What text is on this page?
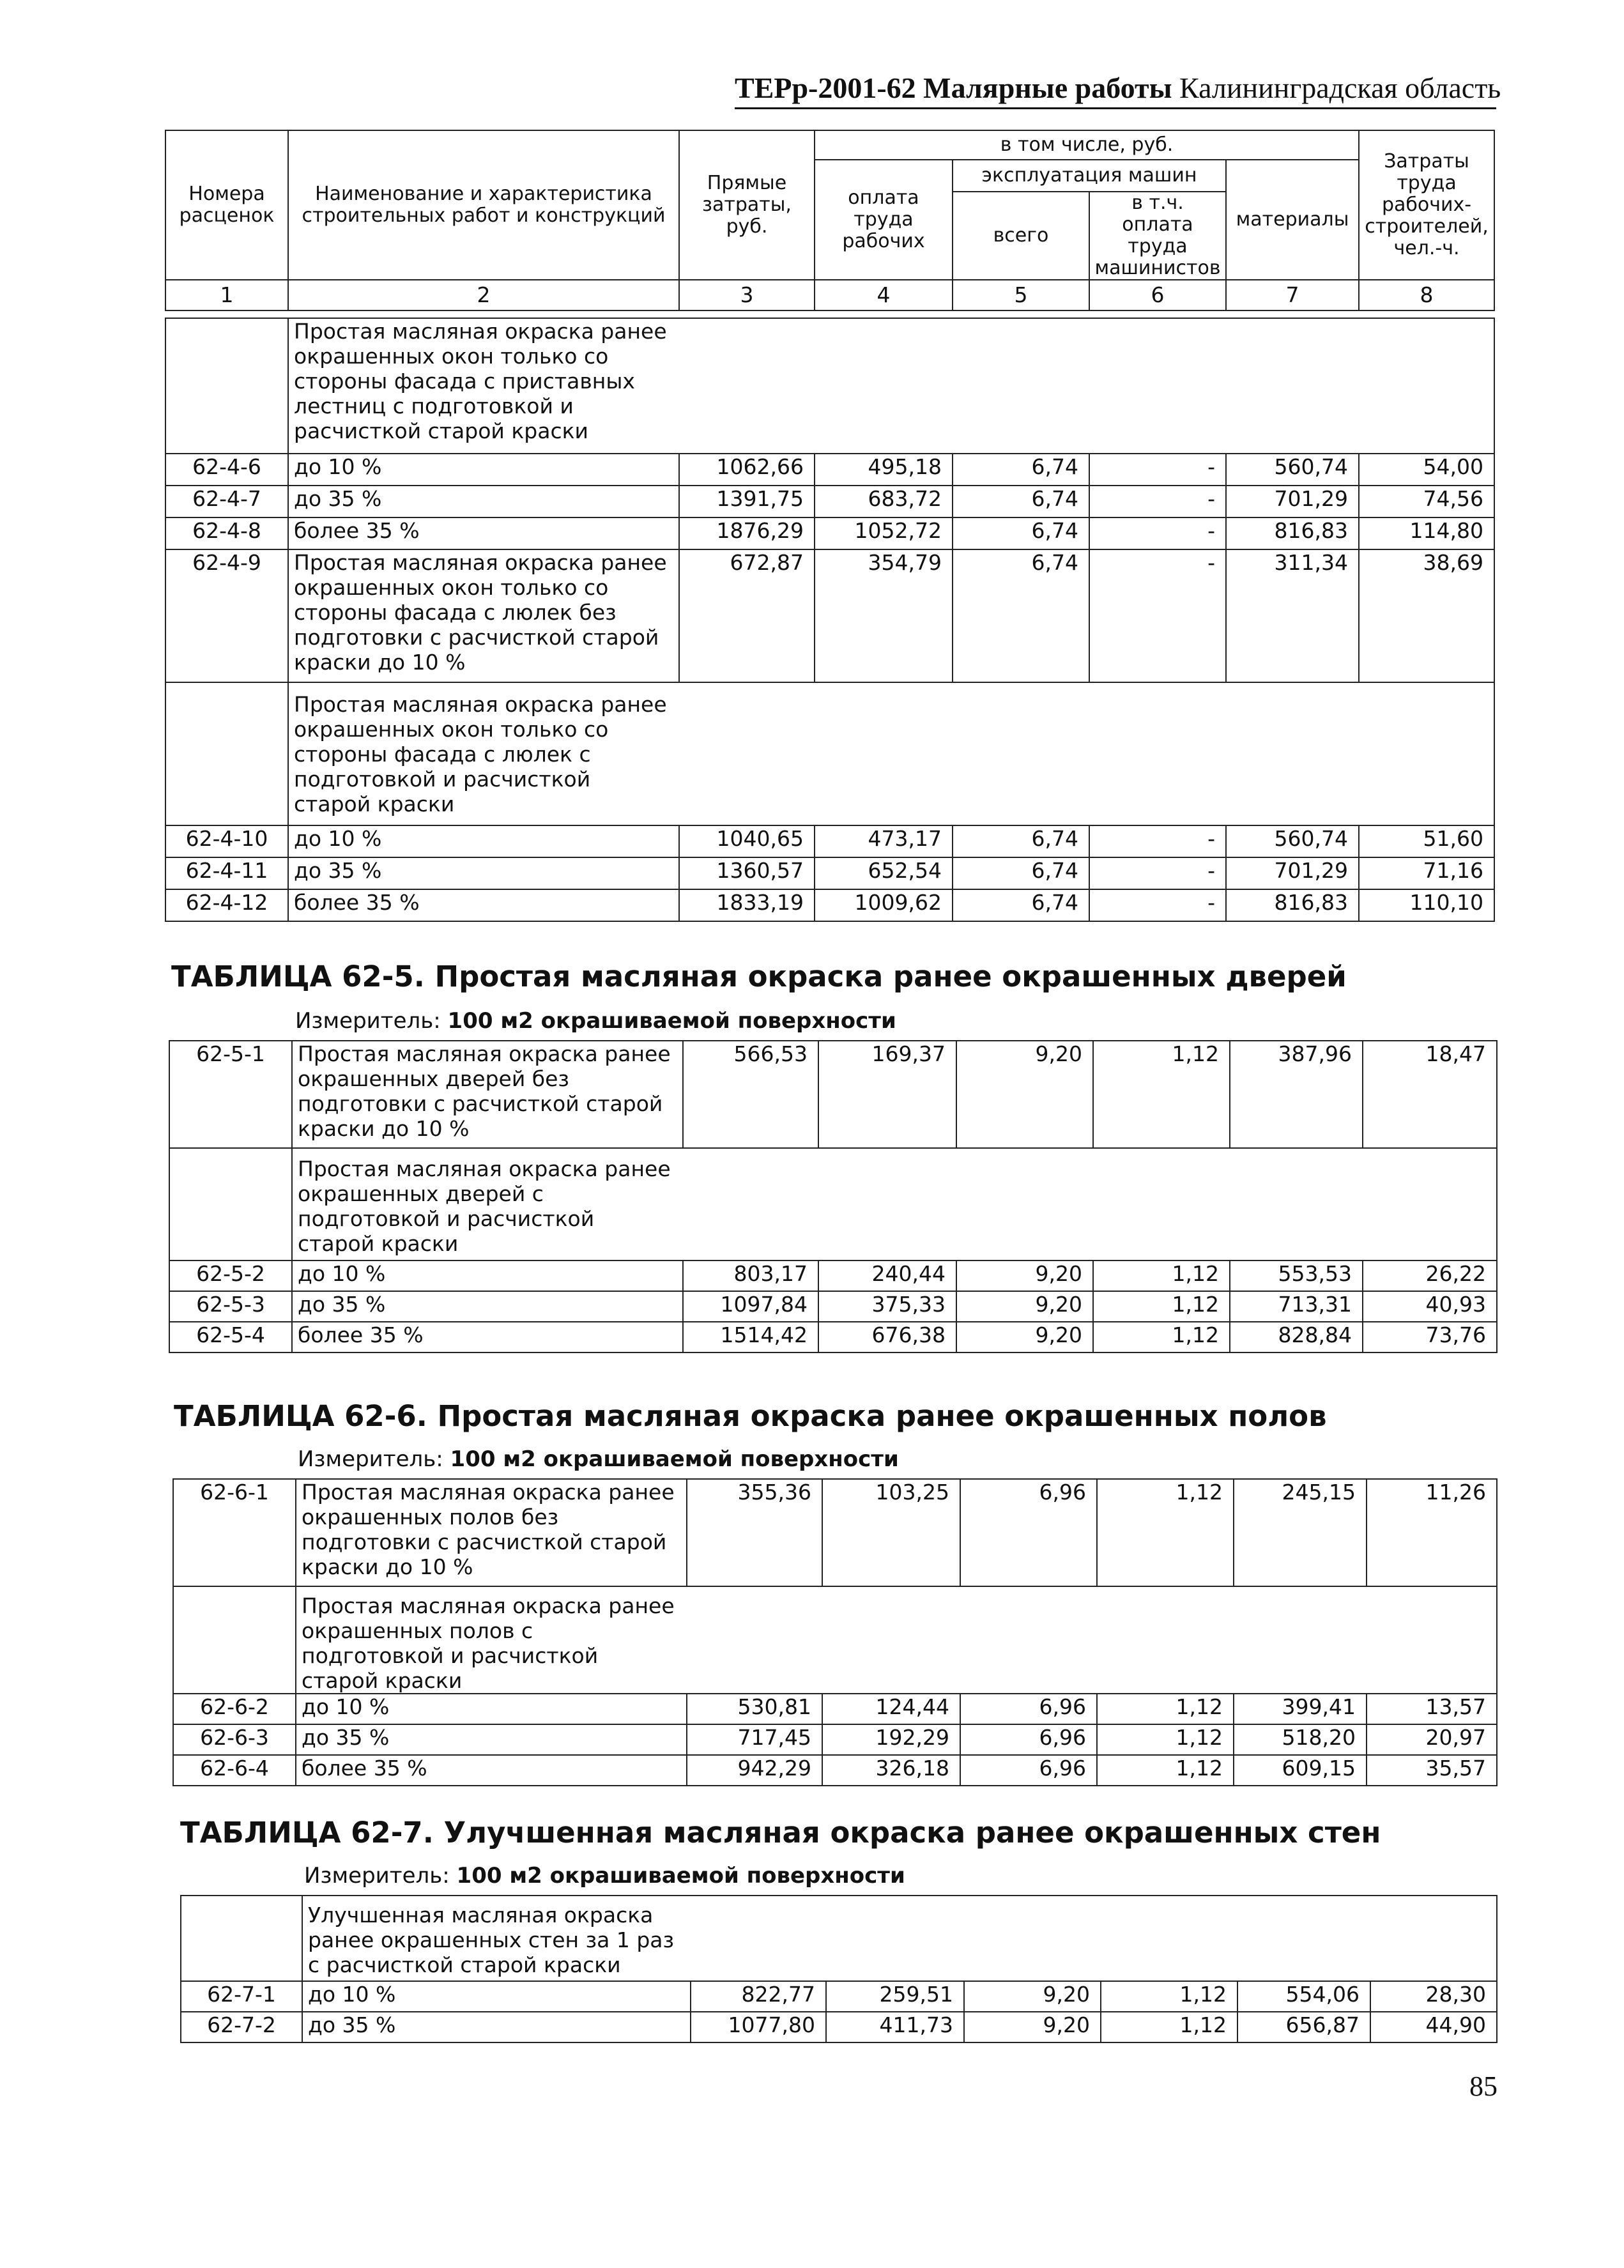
ТЕРр-2001-62 Малярные работы Калининградская область
Номера расценок	Наименование и характеристика строительных работ и конструкций	Прямые затраты, руб.	в том числе, руб.				Затраты труда рабочих-строителей, чел.-ч.
			оплата труда рабочих	эксплуатация машин		материалы	
				всего	в т.ч. оплата труда машинистов		
1	2	3	4	5	6	7	8
	Простая масляная окраска ранее окрашенных окон только со стороны фасада с приставных лестниц с подготовкой и расчисткой старой краски						
62-4-6	до 10 %	1062,66	495,18	6,74	-	560,74	54,00
62-4-7	до 35 %	1391,75	683,72	6,74	-	701,29	74,56
62-4-8	более 35 %	1876,29	1052,72	6,74	-	816,83	114,80
62-4-9	Простая масляная окраска ранее окрашенных окон только со стороны фасада с люлек без подготовки с расчисткой старой краски до 10 %	672,87	354,79	6,74	-	311,34	38,69
	Простая масляная окраска ранее окрашенных окон только со стороны фасада с люлек с подготовкой и расчисткой старой краски						
62-4-10	до 10 %	1040,65	473,17	6,74	-	560,74	51,60
62-4-11	до 35 %	1360,57	652,54	6,74	-	701,29	71,16
62-4-12	более 35 %	1833,19	1009,62	6,74	-	816,83	110,10
ТАБЛИЦА 62-5. Простая масляная окраска ранее окрашенных дверей
Измеритель: 100 м2 окрашиваемой поверхности
62-5-1	Простая масляная окраска ранее окрашенных дверей без подготовки с расчисткой старой краски до 10 %	566,53	169,37	9,20	1,12	387,96	18,47
	Простая масляная окраска ранее окрашенных дверей с подготовкой и расчисткой старой краски						
62-5-2	до 10 %	803,17	240,44	9,20	1,12	553,53	26,22
62-5-3	до 35 %	1097,84	375,33	9,20	1,12	713,31	40,93
62-5-4	более 35 %	1514,42	676,38	9,20	1,12	828,84	73,76
ТАБЛИЦА 62-6. Простая масляная окраска ранее окрашенных полов
Измеритель: 100 м2 окрашиваемой поверхности
62-6-1	Простая масляная окраска ранее окрашенных полов без подготовки с расчисткой старой краски до 10 %	355,36	103,25	6,96	1,12	245,15	11,26
	Простая масляная окраска ранее окрашенных полов с подготовкой и расчисткой старой краски						
62-6-2	до 10 %	530,81	124,44	6,96	1,12	399,41	13,57
62-6-3	до 35 %	717,45	192,29	6,96	1,12	518,20	20,97
62-6-4	более 35 %	942,29	326,18	6,96	1,12	609,15	35,57
ТАБЛИЦА 62-7. Улучшенная масляная окраска ранее окрашенных стен
Измеритель: 100 м2 окрашиваемой поверхности
	Улучшенная масляная окраска ранее окрашенных стен за 1 раз с расчисткой старой краски						
62-7-1	до 10 %	822,77	259,51	9,20	1,12	554,06	28,30
62-7-2	до 35 %	1077,80	411,73	9,20	1,12	656,87	44,90
85
